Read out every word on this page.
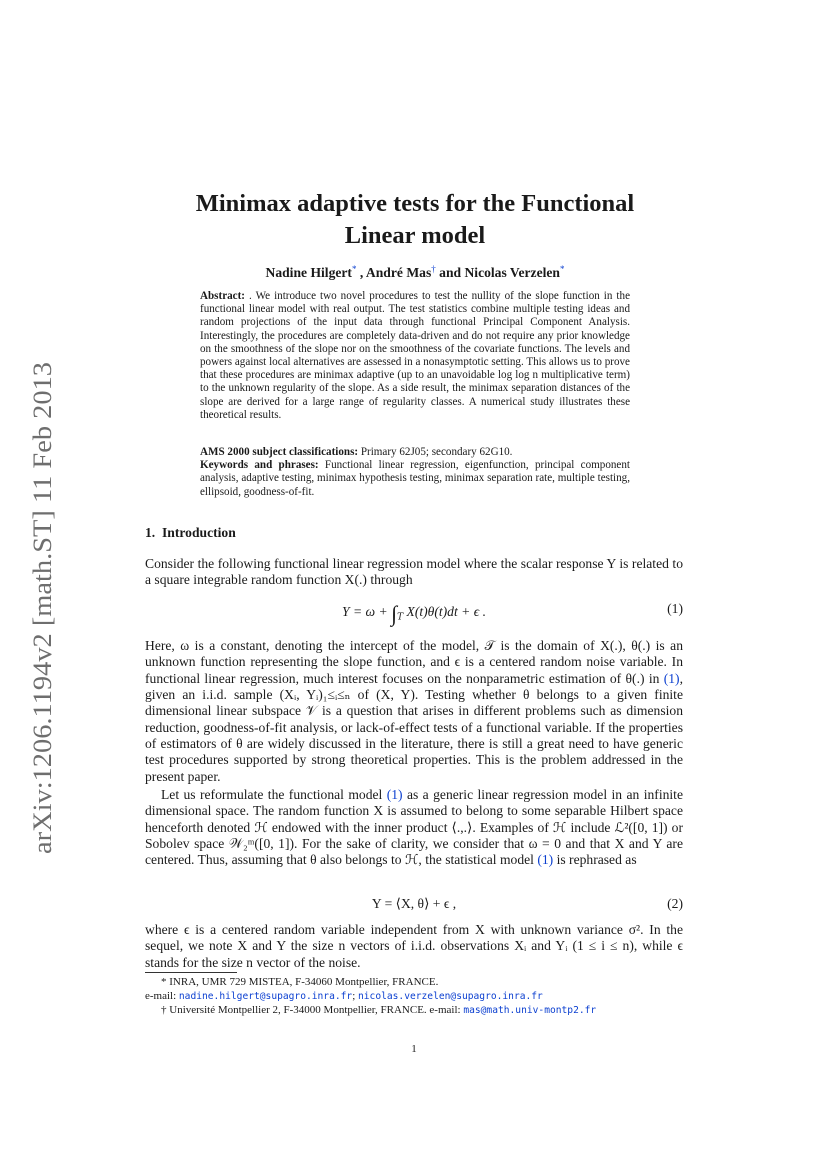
arXiv:1206.1194v2 [math.ST] 11 Feb 2013
Minimax adaptive tests for the Functional
Linear model
Nadine Hilgert* , André Mas† and Nicolas Verzelen*

Abstract: . We introduce two novel procedures to test the nullity of the slope function in the functional linear model with real output. The test statistics combine multiple testing ideas and random projections of the input data through functional Principal Component Analysis. Interestingly, the procedures are completely data-driven and do not require any prior knowledge on the smoothness of the slope nor on the smoothness of the covariate functions. The levels and powers against local alternatives are assessed in a nonasymptotic setting. This allows us to prove that these procedures are minimax adaptive (up to an unavoidable log log n multiplicative term) to the unknown regularity of the slope. As a side result, the minimax separation distances of the slope are derived for a large range of regularity classes. A numerical study illustrates these theoretical results.

AMS 2000 subject classifications: Primary 62J05; secondary 62G10.

Keywords and phrases: Functional linear regression, eigenfunction, principal component analysis, adaptive testing, minimax hypothesis testing, minimax separation rate, multiple testing, ellipsoid, goodness-of-fit.

1. Introduction

Consider the following functional linear regression model where the scalar response Y is related to a square integrable random function X(.) through

$Y = \omega + \int_T$ X(t)θ(t)dt + ϵ .	(1)

Here, ω is a constant, denoting the intercept of the model, 𝒯 is the domain of X(.), θ(.) is an unknown function representing the slope function, and ϵ is a centered random noise variable. In functional linear regression, much interest focuses on the nonparametric estimation of θ(.) in (1), given an i.i.d. sample (Xᵢ, Yᵢ)₁≤ᵢ≤ₙ of (X, Y). Testing whether θ belongs to a given finite dimensional linear subspace 𝒱 is a question that arises in different problems such as dimension reduction, goodness-of-fit analysis, or lack-of-effect tests of a functional variable. If the properties of estimators of θ are widely discussed in the literature, there is still a great need to have generic test procedures supported by strong theoretical properties. This is the problem addressed in the present paper.

Let us reformulate the functional model (1) as a generic linear regression model in an infinite dimensional space. The random function X is assumed to belong to some separable Hilbert space henceforth denoted ℋ endowed with the inner product ⟨.,.⟩. Examples of ℋ include ℒ²([0, 1]) or Sobolev space 𝒲₂ᵐ([0, 1]). For the sake of clarity, we consider that ω = 0 and that X and Y are centered. Thus, assuming that θ also belongs to ℋ, the statistical model (1) is rephrased as

Y = ⟨X, θ⟩ + ϵ ,	(2)

where ϵ is a centered random variable independent from X with unknown variance σ². In the sequel, we note X and Y the size n vectors of i.i.d. observations Xᵢ and Yᵢ (1 ≤ i ≤ n), while ϵ stands for the size n vector of the noise.

* INRA, UMR 729 MISTEA, F-34060 Montpellier, FRANCE.

e-mail: nadine.hilgert@supagro.inra.fr; nicolas.verzelen@supagro.inra.fr

† Université Montpellier 2, F-34000 Montpellier, FRANCE. e-mail: mas@math.univ-montp2.fr

1
